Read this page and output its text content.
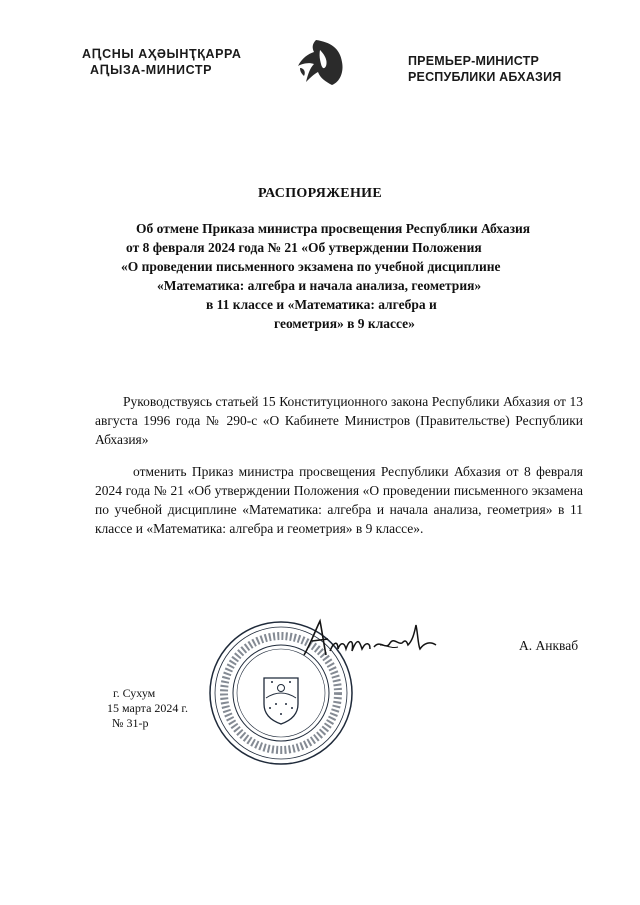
АԤСНЫ АҲӘЫНҬҚАРРА
АԤЫЗА-МИНИСТР
ПРЕМЬЕР-МИНИСТР
РЕСПУБЛИКИ АБХАЗИЯ
РАСПОРЯЖЕНИЕ
Об отмене Приказа министра просвещения Республики Абхазия
от 8 февраля 2024 года № 21 «Об утверждении Положения
«О проведении письменного экзамена по учебной дисциплине
«Математика: алгебра и начала анализа, геометрия»
в 11 классе и «Математика: алгебра и
геометрия» в 9 классе»
Руководствуясь статьей 15 Конституционного закона Республики Абхазия от 13 августа 1996 года № 290-с «О Кабинете Министров (Правительстве) Республики Абхазия»
отменить Приказ министра просвещения Республики Абхазия от 8 февраля 2024 года № 21 «Об утверждении Положения «О проведении письменного экзамена по учебной дисциплине «Математика: алгебра и начала анализа, геометрия» в 11 классе и «Математика: алгебра и геометрия» в 9 классе».
А. Анкваб
г. Сухум
15 марта 2024 г.
№ 31-р
